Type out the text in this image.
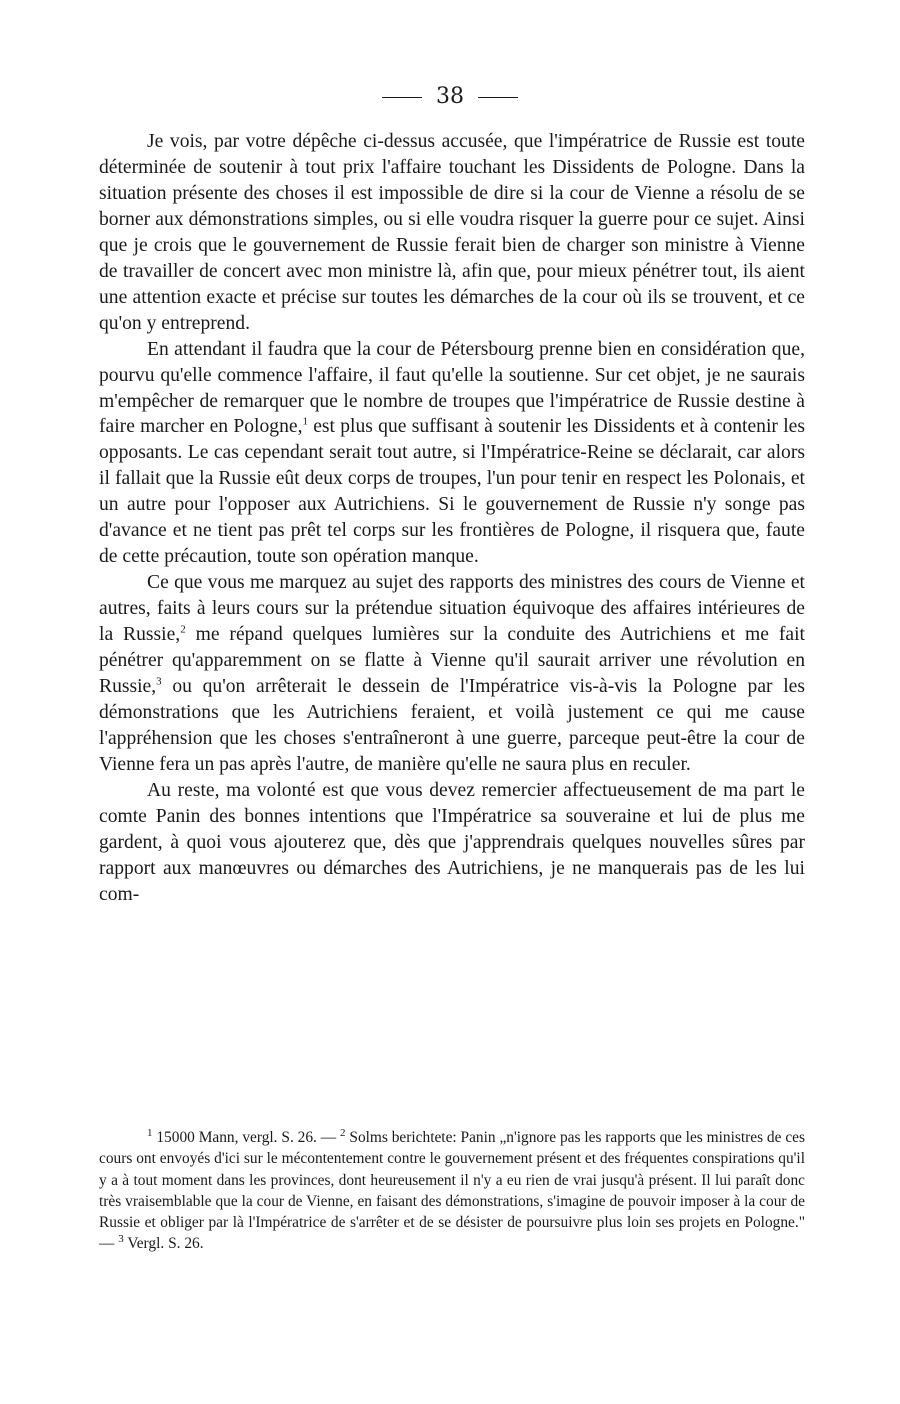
38

Je vois, par votre dépêche ci-dessus accusée, que l'impératrice de Russie est toute déterminée de soutenir à tout prix l'affaire touchant les Dissidents de Pologne. Dans la situation présente des choses il est impossible de dire si la cour de Vienne a résolu de se borner aux démonstrations simples, ou si elle voudra risquer la guerre pour ce sujet. Ainsi que je crois que le gouvernement de Russie ferait bien de charger son ministre à Vienne de travailler de concert avec mon ministre là, afin que, pour mieux pénétrer tout, ils aient une attention exacte et précise sur toutes les démarches de la cour où ils se trouvent, et ce qu'on y entreprend.

En attendant il faudra que la cour de Pétersbourg prenne bien en considération que, pourvu qu'elle commence l'affaire, il faut qu'elle la soutienne. Sur cet objet, je ne saurais m'empêcher de remarquer que le nombre de troupes que l'impératrice de Russie destine à faire marcher en Pologne,$^1$ est plus que suffisant à soutenir les Dissidents et à contenir les opposants. Le cas cependant serait tout autre, si l'Impératrice-Reine se déclarait, car alors il fallait que la Russie eût deux corps de troupes, l'un pour tenir en respect les Polonais, et un autre pour l'opposer aux Autrichiens. Si le gouvernement de Russie n'y songe pas d'avance et ne tient pas prêt tel corps sur les frontières de Pologne, il risquera que, faute de cette précaution, toute son opération manque.

Ce que vous me marquez au sujet des rapports des ministres des cours de Vienne et autres, faits à leurs cours sur la prétendue situation équivoque des affaires intérieures de la Russie,$^2$ me répand quelques lumières sur la conduite des Autrichiens et me fait pénétrer qu'apparemment on se flatte à Vienne qu'il saurait arriver une révolution en Russie,$^3$ ou qu'on arrêterait le dessein de l'Impératrice vis-à-vis la Pologne par les démonstrations que les Autrichiens feraient, et voilà justement ce qui me cause l'appréhension que les choses s'entraîneront à une guerre, parceque peut-être la cour de Vienne fera un pas après l'autre, de manière qu'elle ne saura plus en reculer.

Au reste, ma volonté est que vous devez remercier affectueusement de ma part le comte Panin des bonnes intentions que l'Impératrice sa souveraine et lui de plus me gardent, à quoi vous ajouterez que, dès que j'apprendrais quelques nouvelles sûres par rapport aux manœuvres ou démarches des Autrichiens, je ne manquerais pas de les lui com-

$^1$ 15000 Mann, vergl. S. 26. — $^2$ Solms berichtete: Panin „n'ignore pas les rapports que les ministres de ces cours ont envoyés d'ici sur le mécontentement contre le gouvernement présent et des fréquentes conspirations qu'il y a à tout moment dans les provinces, dont heureusement il n'y a eu rien de vrai jusqu'à présent. Il lui paraît donc très vraisemblable que la cour de Vienne, en faisant des démonstrations, s'imagine de pouvoir imposer à la cour de Russie et obliger par là l'Impératrice de s'arrêter et de se désister de poursuivre plus loin ses projets en Pologne." — $^3$ Vergl. S. 26.
